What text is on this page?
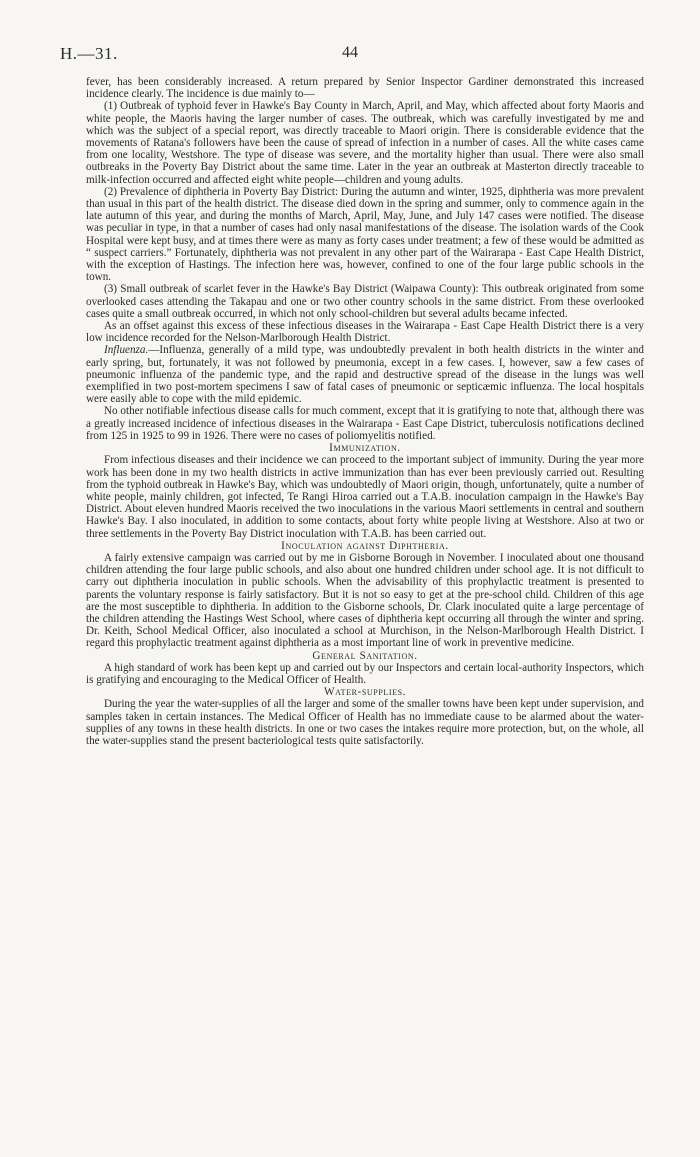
H.—31.	44

fever, has been considerably increased. A return prepared by Senior Inspector Gardiner demonstrated this increased incidence clearly. The incidence is due mainly to—

(1) Outbreak of typhoid fever in Hawke's Bay County in March, April, and May, which affected about forty Maoris and white people, the Maoris having the larger number of cases. The outbreak, which was carefully investigated by me and which was the subject of a special report, was directly traceable to Maori origin. There is considerable evidence that the movements of Ratana's followers have been the cause of spread of infection in a number of cases. All the white cases came from one locality, Westshore. The type of disease was severe, and the mortality higher than usual. There were also small outbreaks in the Poverty Bay District about the same time. Later in the year an outbreak at Masterton directly traceable to milk-infection occurred and affected eight white people—children and young adults.

(2) Prevalence of diphtheria in Poverty Bay District: During the autumn and winter, 1925, diphtheria was more prevalent than usual in this part of the health district. The disease died down in the spring and summer, only to commence again in the late autumn of this year, and during the months of March, April, May, June, and July 147 cases were notified. The disease was peculiar in type, in that a number of cases had only nasal manifestations of the disease. The isolation wards of the Cook Hospital were kept busy, and at times there were as many as forty cases under treatment; a few of these would be admitted as “ suspect carriers.” Fortunately, diphtheria was not prevalent in any other part of the Wairarapa - East Cape Health District, with the exception of Hastings. The infection here was, however, confined to one of the four large public schools in the town.

(3) Small outbreak of scarlet fever in the Hawke's Bay District (Waipawa County): This outbreak originated from some overlooked cases attending the Takapau and one or two other country schools in the same district. From these overlooked cases quite a small outbreak occurred, in which not only school-children but several adults became infected.

As an offset against this excess of these infectious diseases in the Wairarapa - East Cape Health District there is a very low incidence recorded for the Nelson-Marlborough Health District.

Influenza.—Influenza, generally of a mild type, was undoubtedly prevalent in both health districts in the winter and early spring, but, fortunately, it was not followed by pneumonia, except in a few cases. I, however, saw a few cases of pneumonic influenza of the pandemic type, and the rapid and destructive spread of the disease in the lungs was well exemplified in two post-mortem specimens I saw of fatal cases of pneumonic or septicæmic influenza. The local hospitals were easily able to cope with the mild epidemic.

No other notifiable infectious disease calls for much comment, except that it is gratifying to note that, although there was a greatly increased incidence of infectious diseases in the Wairarapa - East Cape District, tuberculosis notifications declined from 125 in 1925 to 99 in 1926. There were no cases of poliomyelitis notified.

Immunization.

From infectious diseases and their incidence we can proceed to the important subject of immunity. During the year more work has been done in my two health districts in active immunization than has ever been previously carried out. Resulting from the typhoid outbreak in Hawke's Bay, which was undoubtedly of Maori origin, though, unfortunately, quite a number of white people, mainly children, got infected, Te Rangi Hiroa carried out a T.A.B. inoculation campaign in the Hawke's Bay District. About eleven hundred Maoris received the two inoculations in the various Maori settlements in central and southern Hawke's Bay. I also inoculated, in addition to some contacts, about forty white people living at Westshore. Also at two or three settlements in the Poverty Bay District inoculation with T.A.B. has been carried out.

Inoculation against Diphtheria.

A fairly extensive campaign was carried out by me in Gisborne Borough in November. I inoculated about one thousand children attending the four large public schools, and also about one hundred children under school age. It is not difficult to carry out diphtheria inoculation in public schools. When the advisability of this prophylactic treatment is presented to parents the voluntary response is fairly satisfactory. But it is not so easy to get at the pre-school child. Children of this age are the most susceptible to diphtheria. In addition to the Gisborne schools, Dr. Clark inoculated quite a large percentage of the children attending the Hastings West School, where cases of diphtheria kept occurring all through the winter and spring. Dr. Keith, School Medical Officer, also inoculated a school at Murchison, in the Nelson-Marlborough Health District. I regard this prophylactic treatment against diphtheria as a most important line of work in preventive medicine.

General Sanitation.

A high standard of work has been kept up and carried out by our Inspectors and certain local-authority Inspectors, which is gratifying and encouraging to the Medical Officer of Health.

Water-supplies.

During the year the water-supplies of all the larger and some of the smaller towns have been kept under supervision, and samples taken in certain instances. The Medical Officer of Health has no immediate cause to be alarmed about the water-supplies of any towns in these health districts. In one or two cases the intakes require more protection, but, on the whole, all the water-supplies stand the present bacteriological tests quite satisfactorily.
